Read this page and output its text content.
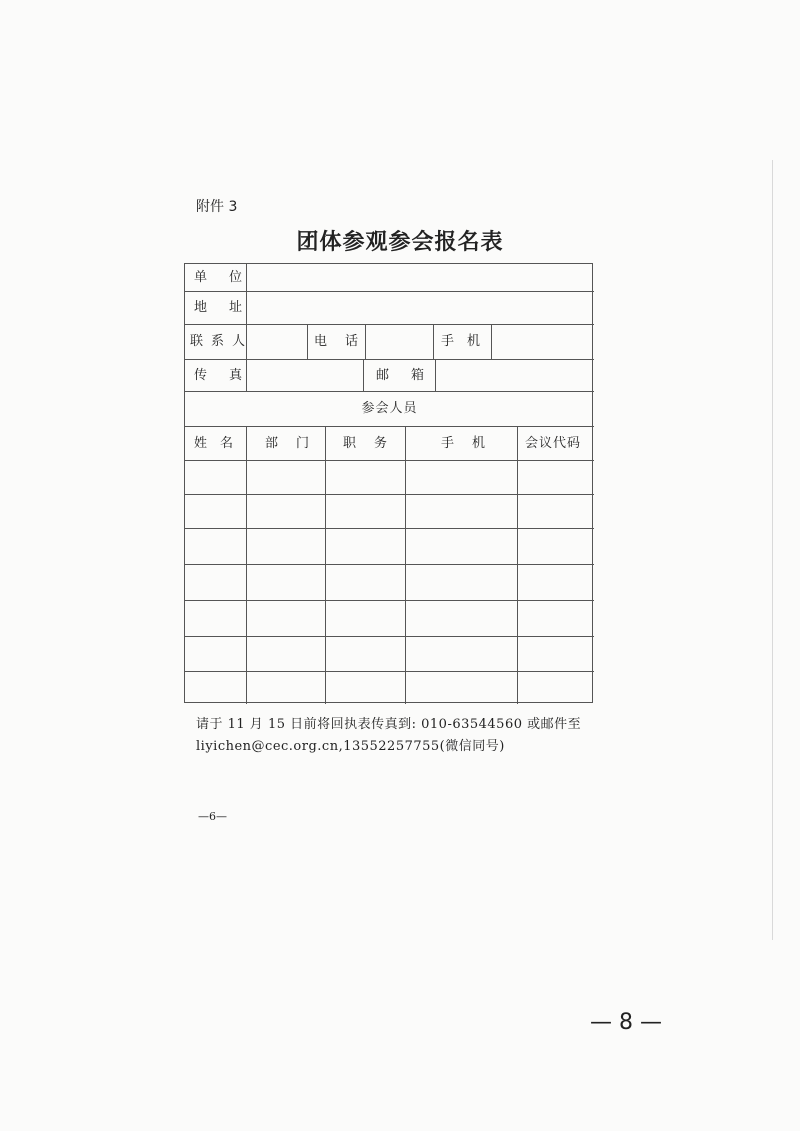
附件 3
团体参观参会报名表
单位
地址
联系人	电话	手机
传真	邮箱
参会人员
姓名 部门 职务	手机 会议代码
请于 11 月 15 日前将回执表传真到: 010-63544560 或邮件至
liyichen@cec.org.cn,13552257755(微信同号)
—6—
— 8 —
